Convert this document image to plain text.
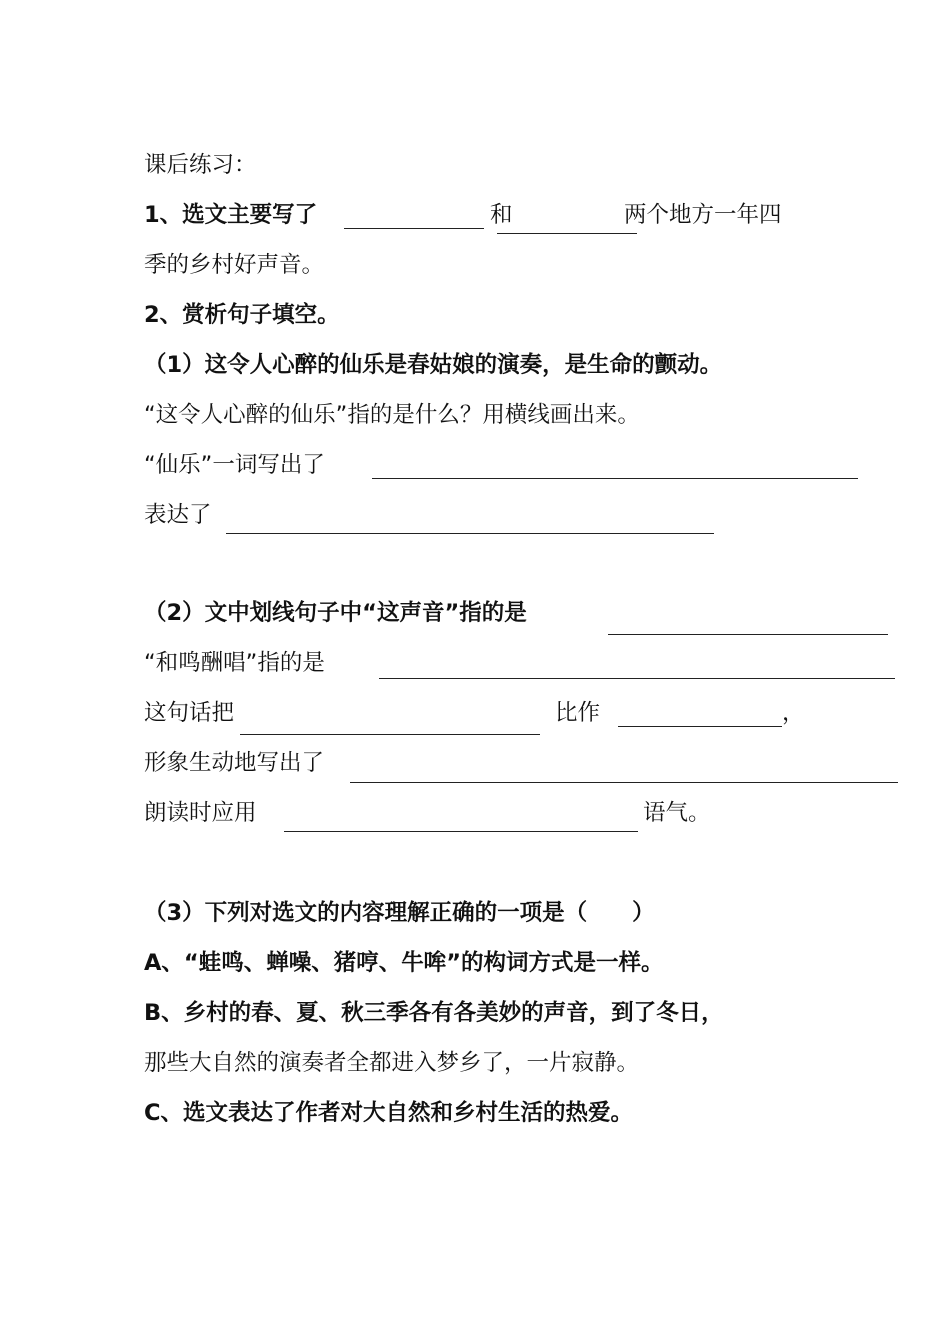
课后练习：
1、选文主要写了	和	两个地方一年四
季的乡村好声音。
2、赏析句子填空。
（1）这令人心醉的仙乐是春姑娘的演奏，是生命的颤动。
“这令人心醉的仙乐”指的是什么？用横线画出来。
“仙乐”一词写出了
表达了
（2）文中划线句子中“这声音”指的是
“和鸣酬唱”指的是
这句话把	比作	，
形象生动地写出了
朗读时应用	语气。
（3）下列对选文的内容理解正确的一项是（　　）
A、“蛙鸣、蝉噪、猪哼、牛哞”的构词方式是一样。
B、乡村的春、夏、秋三季各有各美妙的声音，到了冬日，
那些大自然的演奏者全都进入梦乡了，一片寂静。
C、选文表达了作者对大自然和乡村生活的热爱。
